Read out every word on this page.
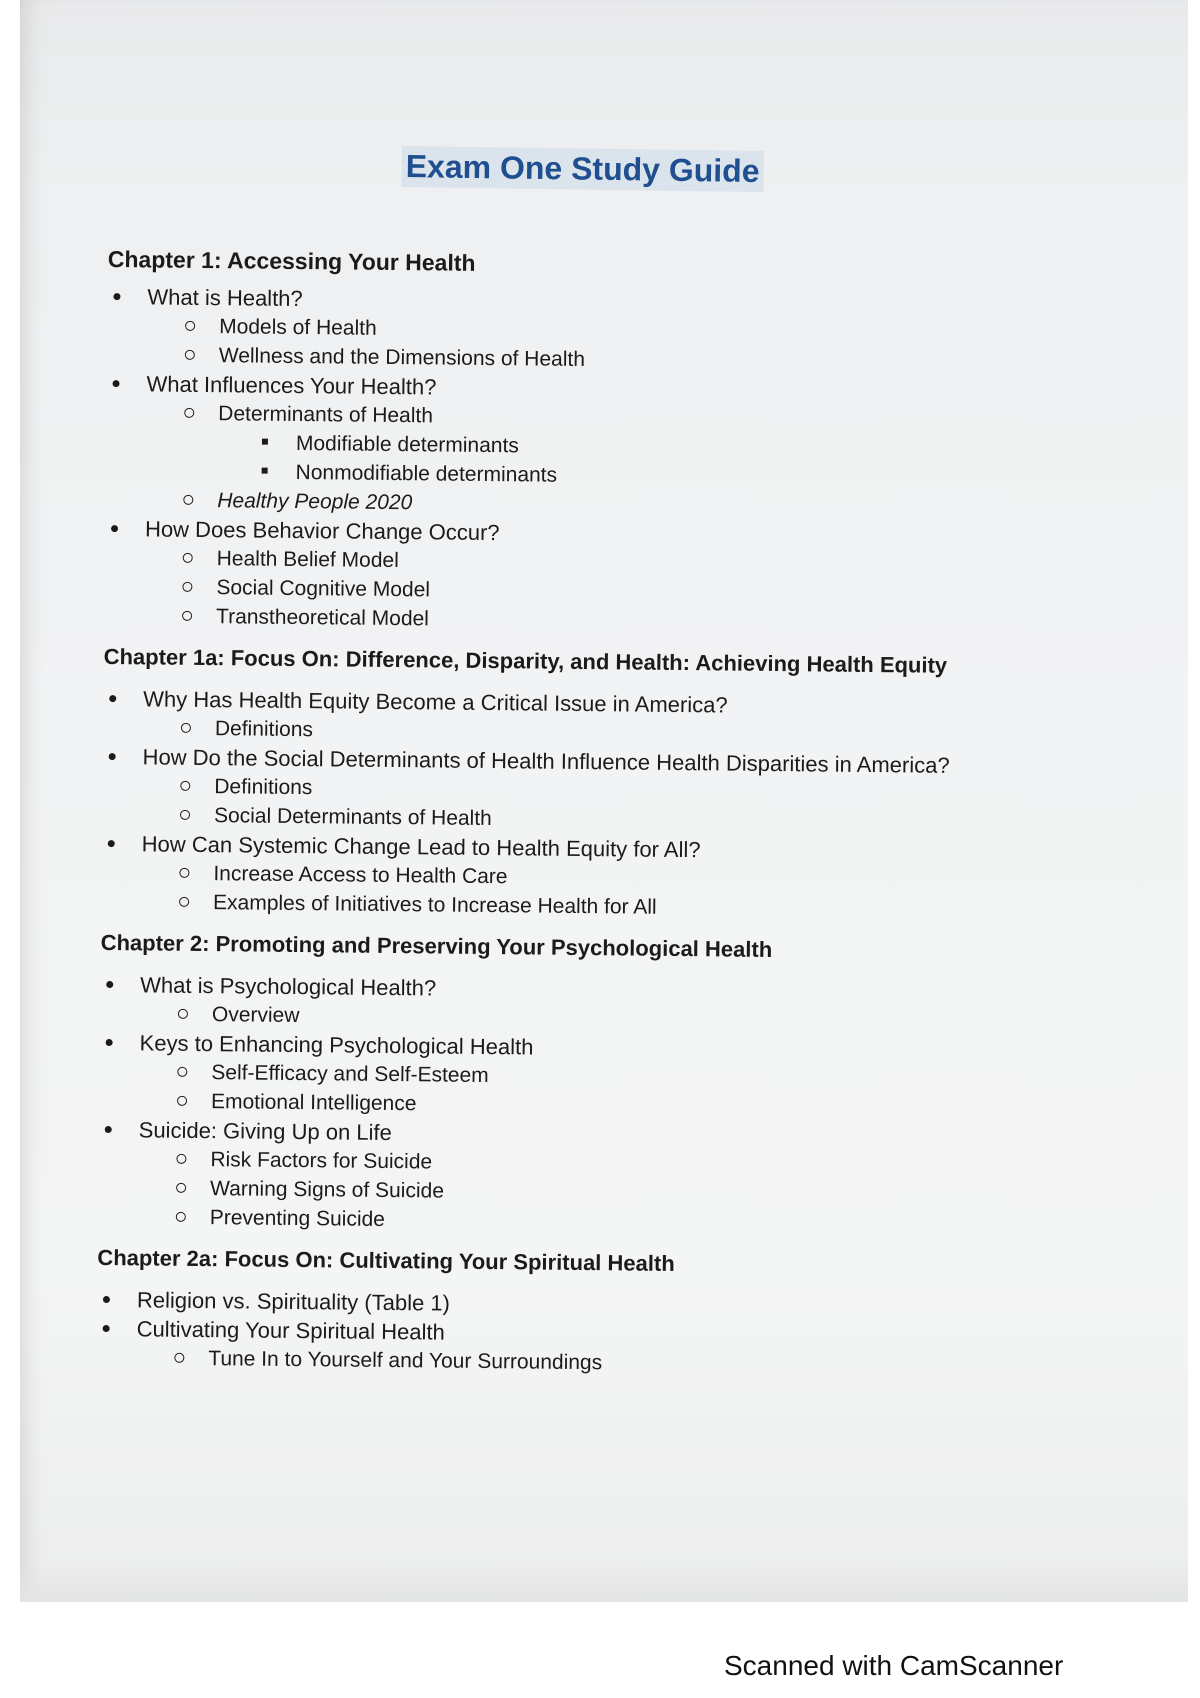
Exam One Study Guide
Chapter 1: Accessing Your Health
What is Health?
Models of Health
Wellness and the Dimensions of Health
What Influences Your Health?
Determinants of Health
Modifiable determinants
Nonmodifiable determinants
Healthy People 2020
How Does Behavior Change Occur?
Health Belief Model
Social Cognitive Model
Transtheoretical Model
Chapter 1a: Focus On: Difference, Disparity, and Health: Achieving Health Equity
Why Has Health Equity Become a Critical Issue in America?
Definitions
How Do the Social Determinants of Health Influence Health Disparities in America?
Definitions
Social Determinants of Health
How Can Systemic Change Lead to Health Equity for All?
Increase Access to Health Care
Examples of Initiatives to Increase Health for All
Chapter 2: Promoting and Preserving Your Psychological Health
What is Psychological Health?
Overview
Keys to Enhancing Psychological Health
Self-Efficacy and Self-Esteem
Emotional Intelligence
Suicide: Giving Up on Life
Risk Factors for Suicide
Warning Signs of Suicide
Preventing Suicide
Chapter 2a: Focus On: Cultivating Your Spiritual Health
Religion vs. Spirituality (Table 1)
Cultivating Your Spiritual Health
Tune In to Yourself and Your Surroundings

Scanned with CamScanner
